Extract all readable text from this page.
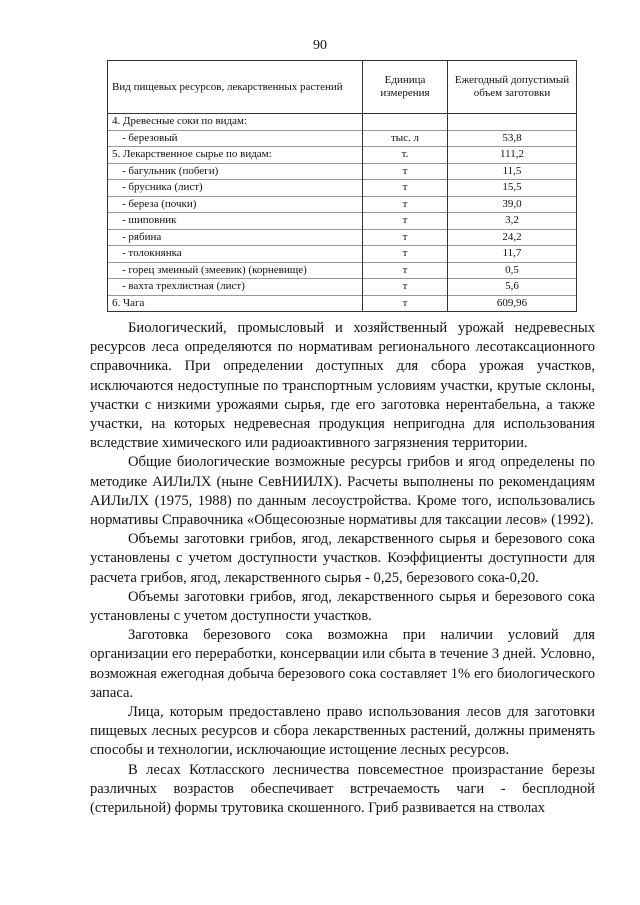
90
Вид пищевых ресурсов, лекарственных растений	Единица измерения	Ежегодный допустимый объем заготовки
4. Древесные соки по видам:		
- березовый	тыс. л	53,8
5. Лекарственное сырье по видам:	т.	111,2
- багульник (побеги)	т	11,5
- брусника (лист)	т	15,5
- береза (почки)	т	39,0
- шиповник	т	3,2
- рябина	т	24,2
- толокнянка	т	11,7
- горец змеиный (змеевик) (корневище)	т	0,5
- вахта трехлистная (лист)	т	5,6
6. Чага	т	609,96

Биологический, промысловый и хозяйственный урожай недревесных ресурсов леса определяются по нормативам регионального лесотаксационного справочника. При определении доступных для сбора урожая участков, исключаются недоступные по транспортным условиям участки, крутые склоны, участки с низкими урожаями сырья, где его заготовка нерентабельна, а также участки, на которых недревесная продукция непригодна для использования вследствие химического или радиоактивного загрязнения территории.

Общие биологические возможные ресурсы грибов и ягод определены по методике АИЛиЛХ (ныне СевНИИЛХ). Расчеты выполнены по рекомендациям АИЛиЛХ (1975, 1988) по данным лесоустройства. Кроме того, использовались нормативы Справочника «Общесоюзные нормативы для таксации лесов» (1992).

Объемы заготовки грибов, ягод, лекарственного сырья и березового сока установлены с учетом доступности участков. Коэффициенты доступности для расчета грибов, ягод, лекарственного сырья - 0,25, березового сока-0,20.

Объемы заготовки грибов, ягод, лекарственного сырья и березового сока установлены с учетом доступности участков.

Заготовка березового сока возможна при наличии условий для организации его переработки, консервации или сбыта в течение 3 дней. Условно, возможная ежегодная добыча березового сока составляет 1% его биологического запаса.

Лица, которым предоставлено право использования лесов для заготовки пищевых лесных ресурсов и сбора лекарственных растений, должны применять способы и технологии, исключающие истощение лесных ресурсов.

В лесах Котласского лесничества повсеместное произрастание березы различных возрастов обеспечивает встречаемость чаги - бесплодной (стерильной) формы трутовика скошенного. Гриб развивается на стволах
